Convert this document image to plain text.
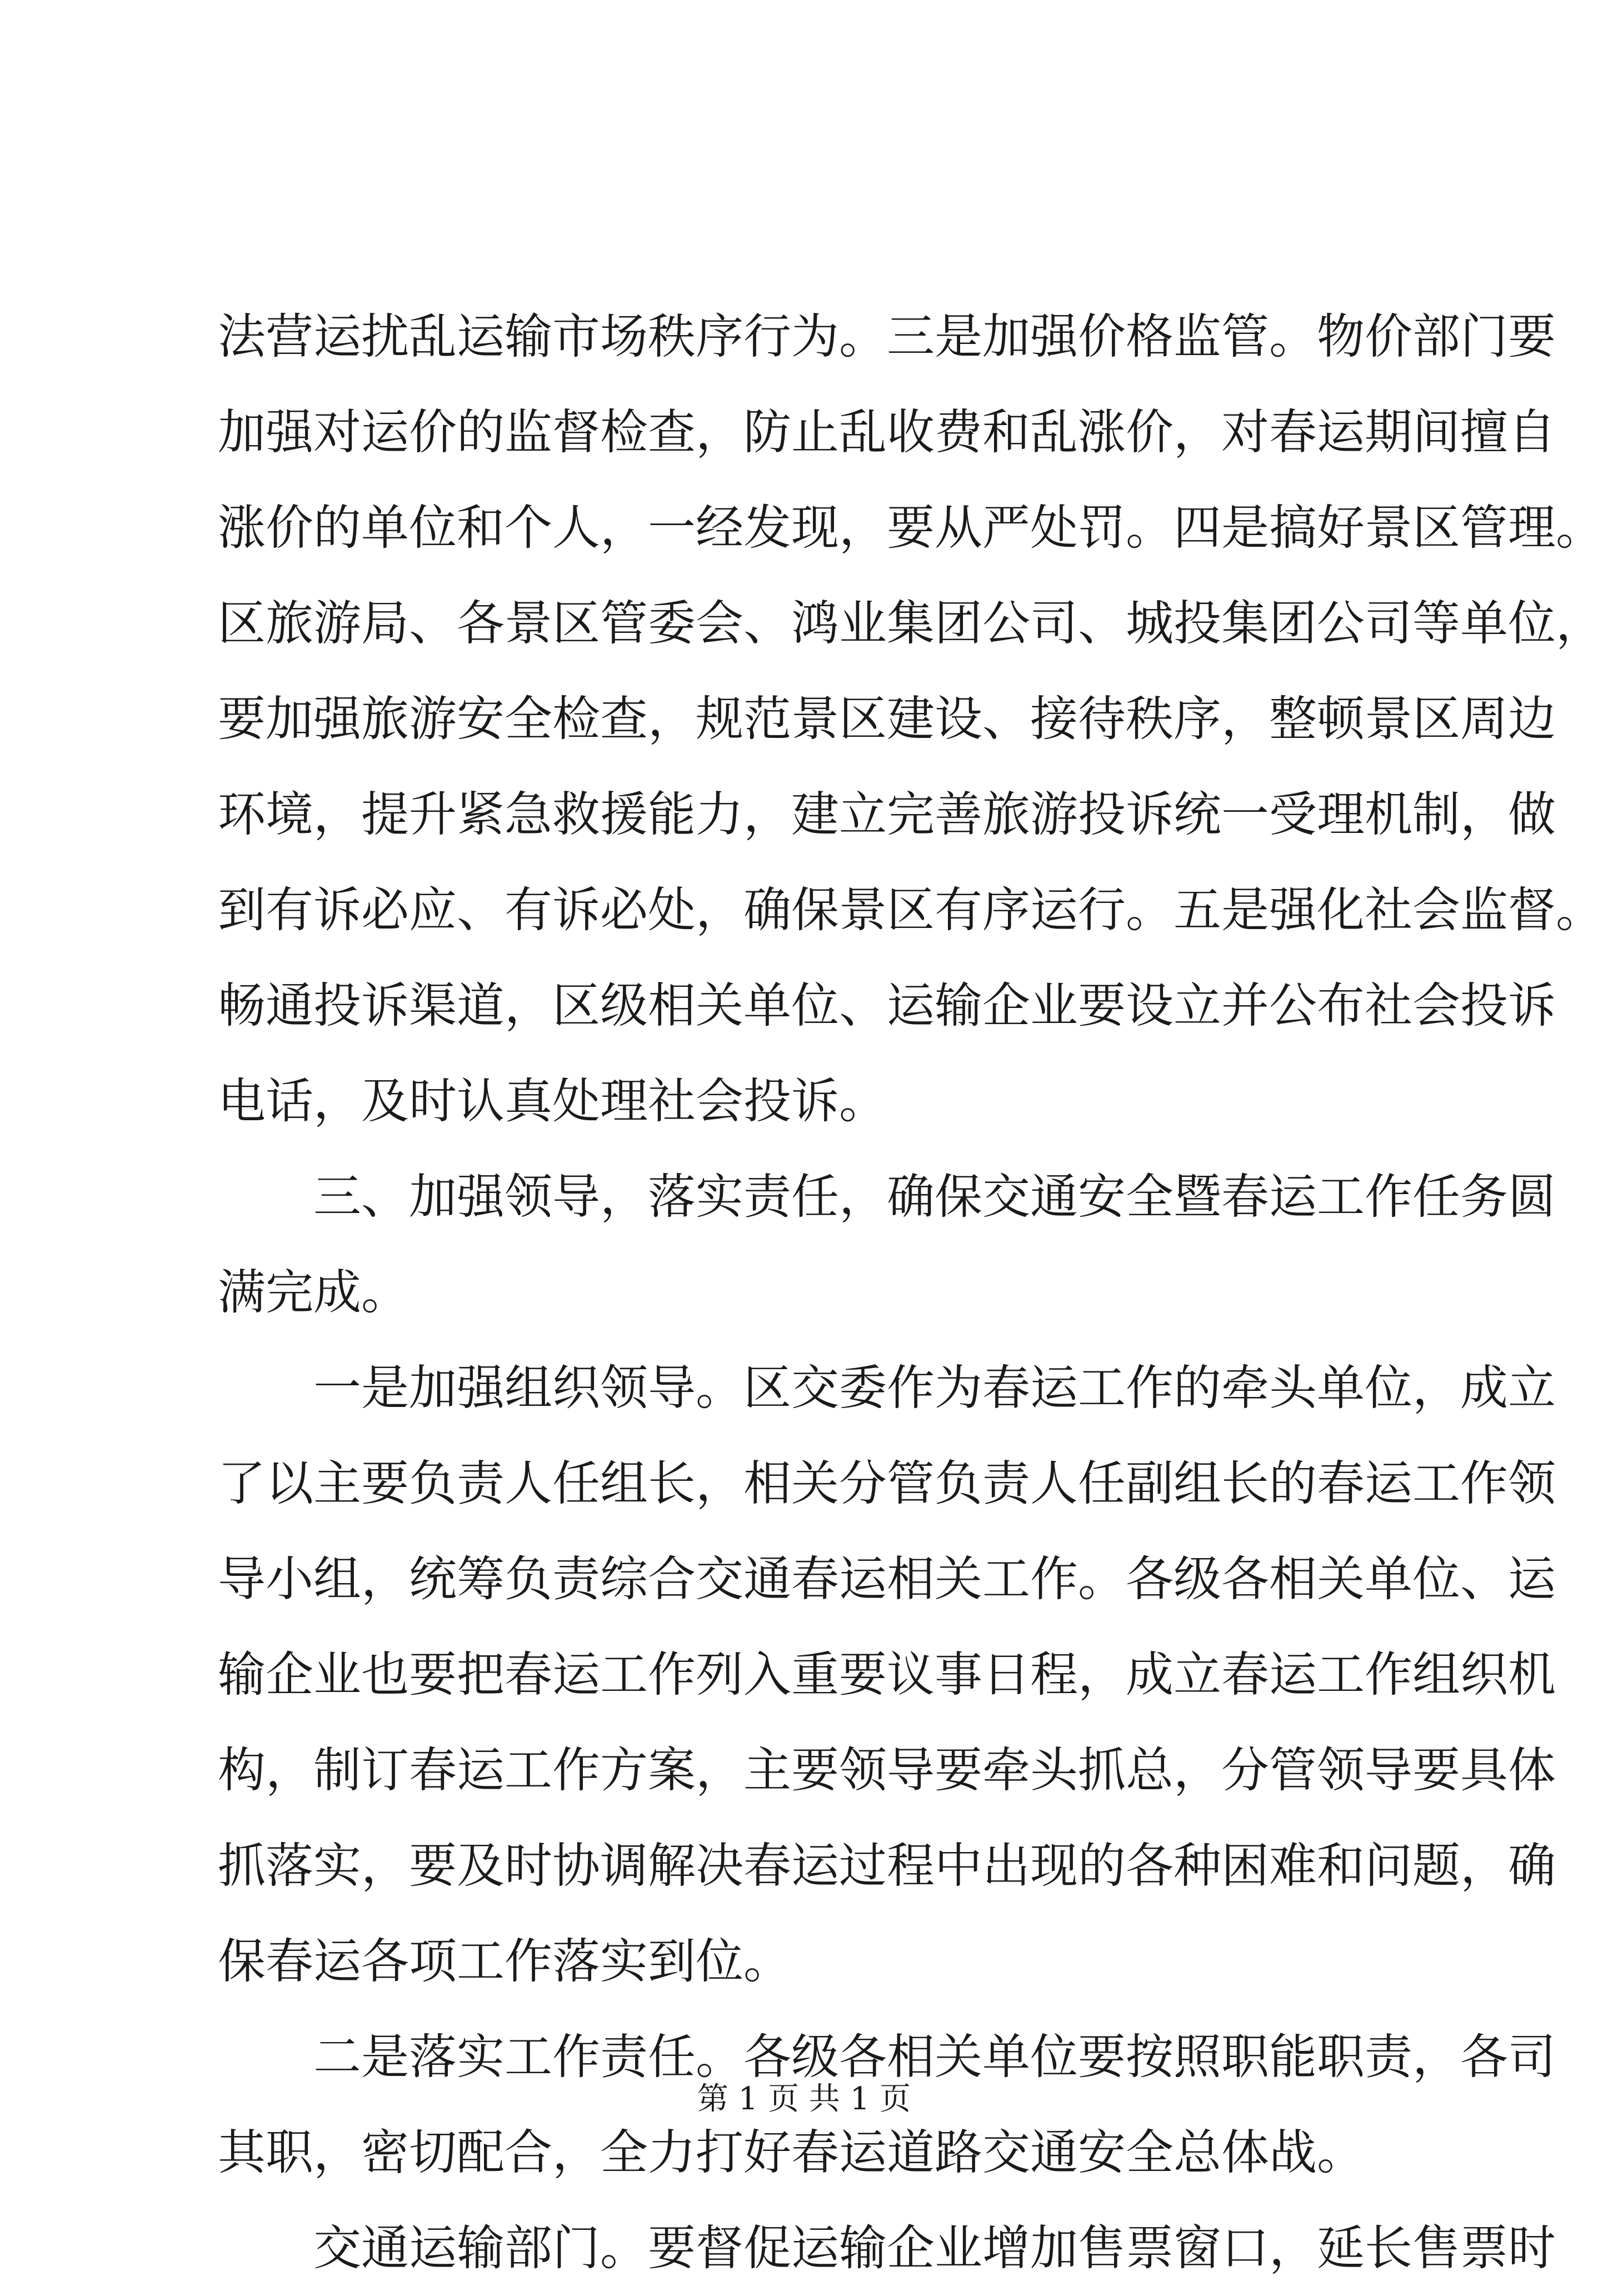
法营运扰乱运输市场秩序行为。三是加强价格监管。物价部门要
加强对运价的监督检查，防止乱收费和乱涨价，对春运期间擅自
涨价的单位和个人，一经发现，要从严处罚。四是搞好景区管理。
区旅游局、各景区管委会、鸿业集团公司、城投集团公司等单位，
要加强旅游安全检查，规范景区建设、接待秩序，整顿景区周边
环境，提升紧急救援能力，建立完善旅游投诉统一受理机制，做
到有诉必应、有诉必处，确保景区有序运行。五是强化社会监督。
畅通投诉渠道，区级相关单位、运输企业要设立并公布社会投诉
电话，及时认真处理社会投诉。
三、加强领导，落实责任，确保交通安全暨春运工作任务圆
满完成。
一是加强组织领导。区交委作为春运工作的牵头单位，成立
了以主要负责人任组长，相关分管负责人任副组长的春运工作领
导小组，统筹负责综合交通春运相关工作。各级各相关单位、运
输企业也要把春运工作列入重要议事日程，成立春运工作组织机
构，制订春运工作方案，主要领导要牵头抓总，分管领导要具体
抓落实，要及时协调解决春运过程中出现的各种困难和问题，确
保春运各项工作落实到位。
二是落实工作责任。各级各相关单位要按照职能职责，各司
其职，密切配合，全力打好春运道路交通安全总体战。
交通运输部门。要督促运输企业增加售票窗口，延长售票时
第 1 页 共 1 页
